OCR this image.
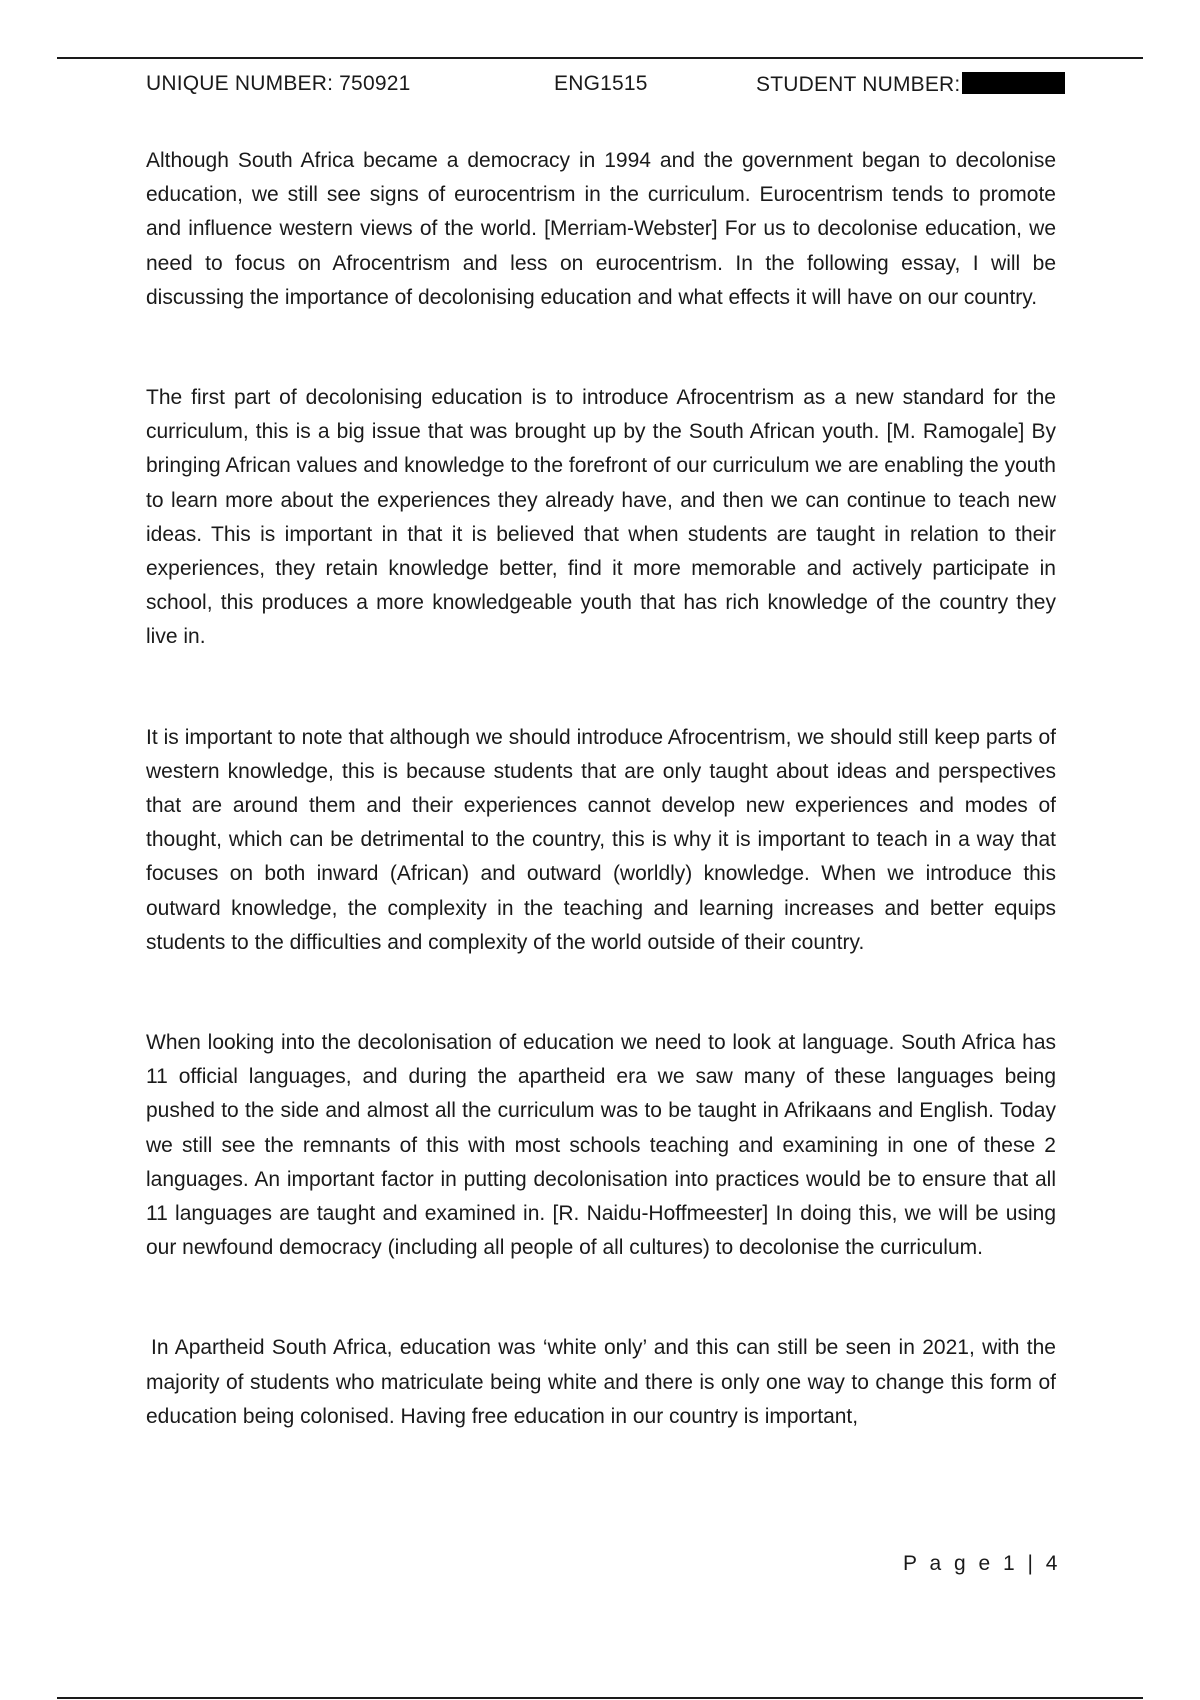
UNIQUE NUMBER: 750921	ENG1515	STUDENT NUMBER:

Although South Africa became a democracy in 1994 and the government began to decolonise education, we still see signs of eurocentrism in the curriculum. Eurocentrism tends to promote and influence western views of the world. [Merriam-Webster] For us to decolonise education, we need to focus on Afrocentrism and less on eurocentrism. In the following essay, I will be discussing the importance of decolonising education and what effects it will have on our country.

The first part of decolonising education is to introduce Afrocentrism as a new standard for the curriculum, this is a big issue that was brought up by the South African youth. [M. Ramogale] By bringing African values and knowledge to the forefront of our curriculum we are enabling the youth to learn more about the experiences they already have, and then we can continue to teach new ideas. This is important in that it is believed that when students are taught in relation to their experiences, they retain knowledge better, find it more memorable and actively participate in school, this produces a more knowledgeable youth that has rich knowledge of the country they live in.

It is important to note that although we should introduce Afrocentrism, we should still keep parts of western knowledge, this is because students that are only taught about ideas and perspectives that are around them and their experiences cannot develop new experiences and modes of thought, which can be detrimental to the country, this is why it is important to teach in a way that focuses on both inward (African) and outward (worldly) knowledge. When we introduce this outward knowledge, the complexity in the teaching and learning increases and better equips students to the difficulties and complexity of the world outside of their country.

When looking into the decolonisation of education we need to look at language. South Africa has 11 official languages, and during the apartheid era we saw many of these languages being pushed to the side and almost all the curriculum was to be taught in Afrikaans and English. Today we still see the remnants of this with most schools teaching and examining in one of these 2 languages. An important factor in putting decolonisation into practices would be to ensure that all 11 languages are taught and examined in. [R. Naidu-Hoffmeester] In doing this, we will be using our newfound democracy (including all people of all cultures) to decolonise the curriculum.

In Apartheid South Africa, education was ‘white only’ and this can still be seen in 2021, with the majority of students who matriculate being white and there is only one way to change this form of education being colonised. Having free education in our country is important,

P a g e 1 | 4
